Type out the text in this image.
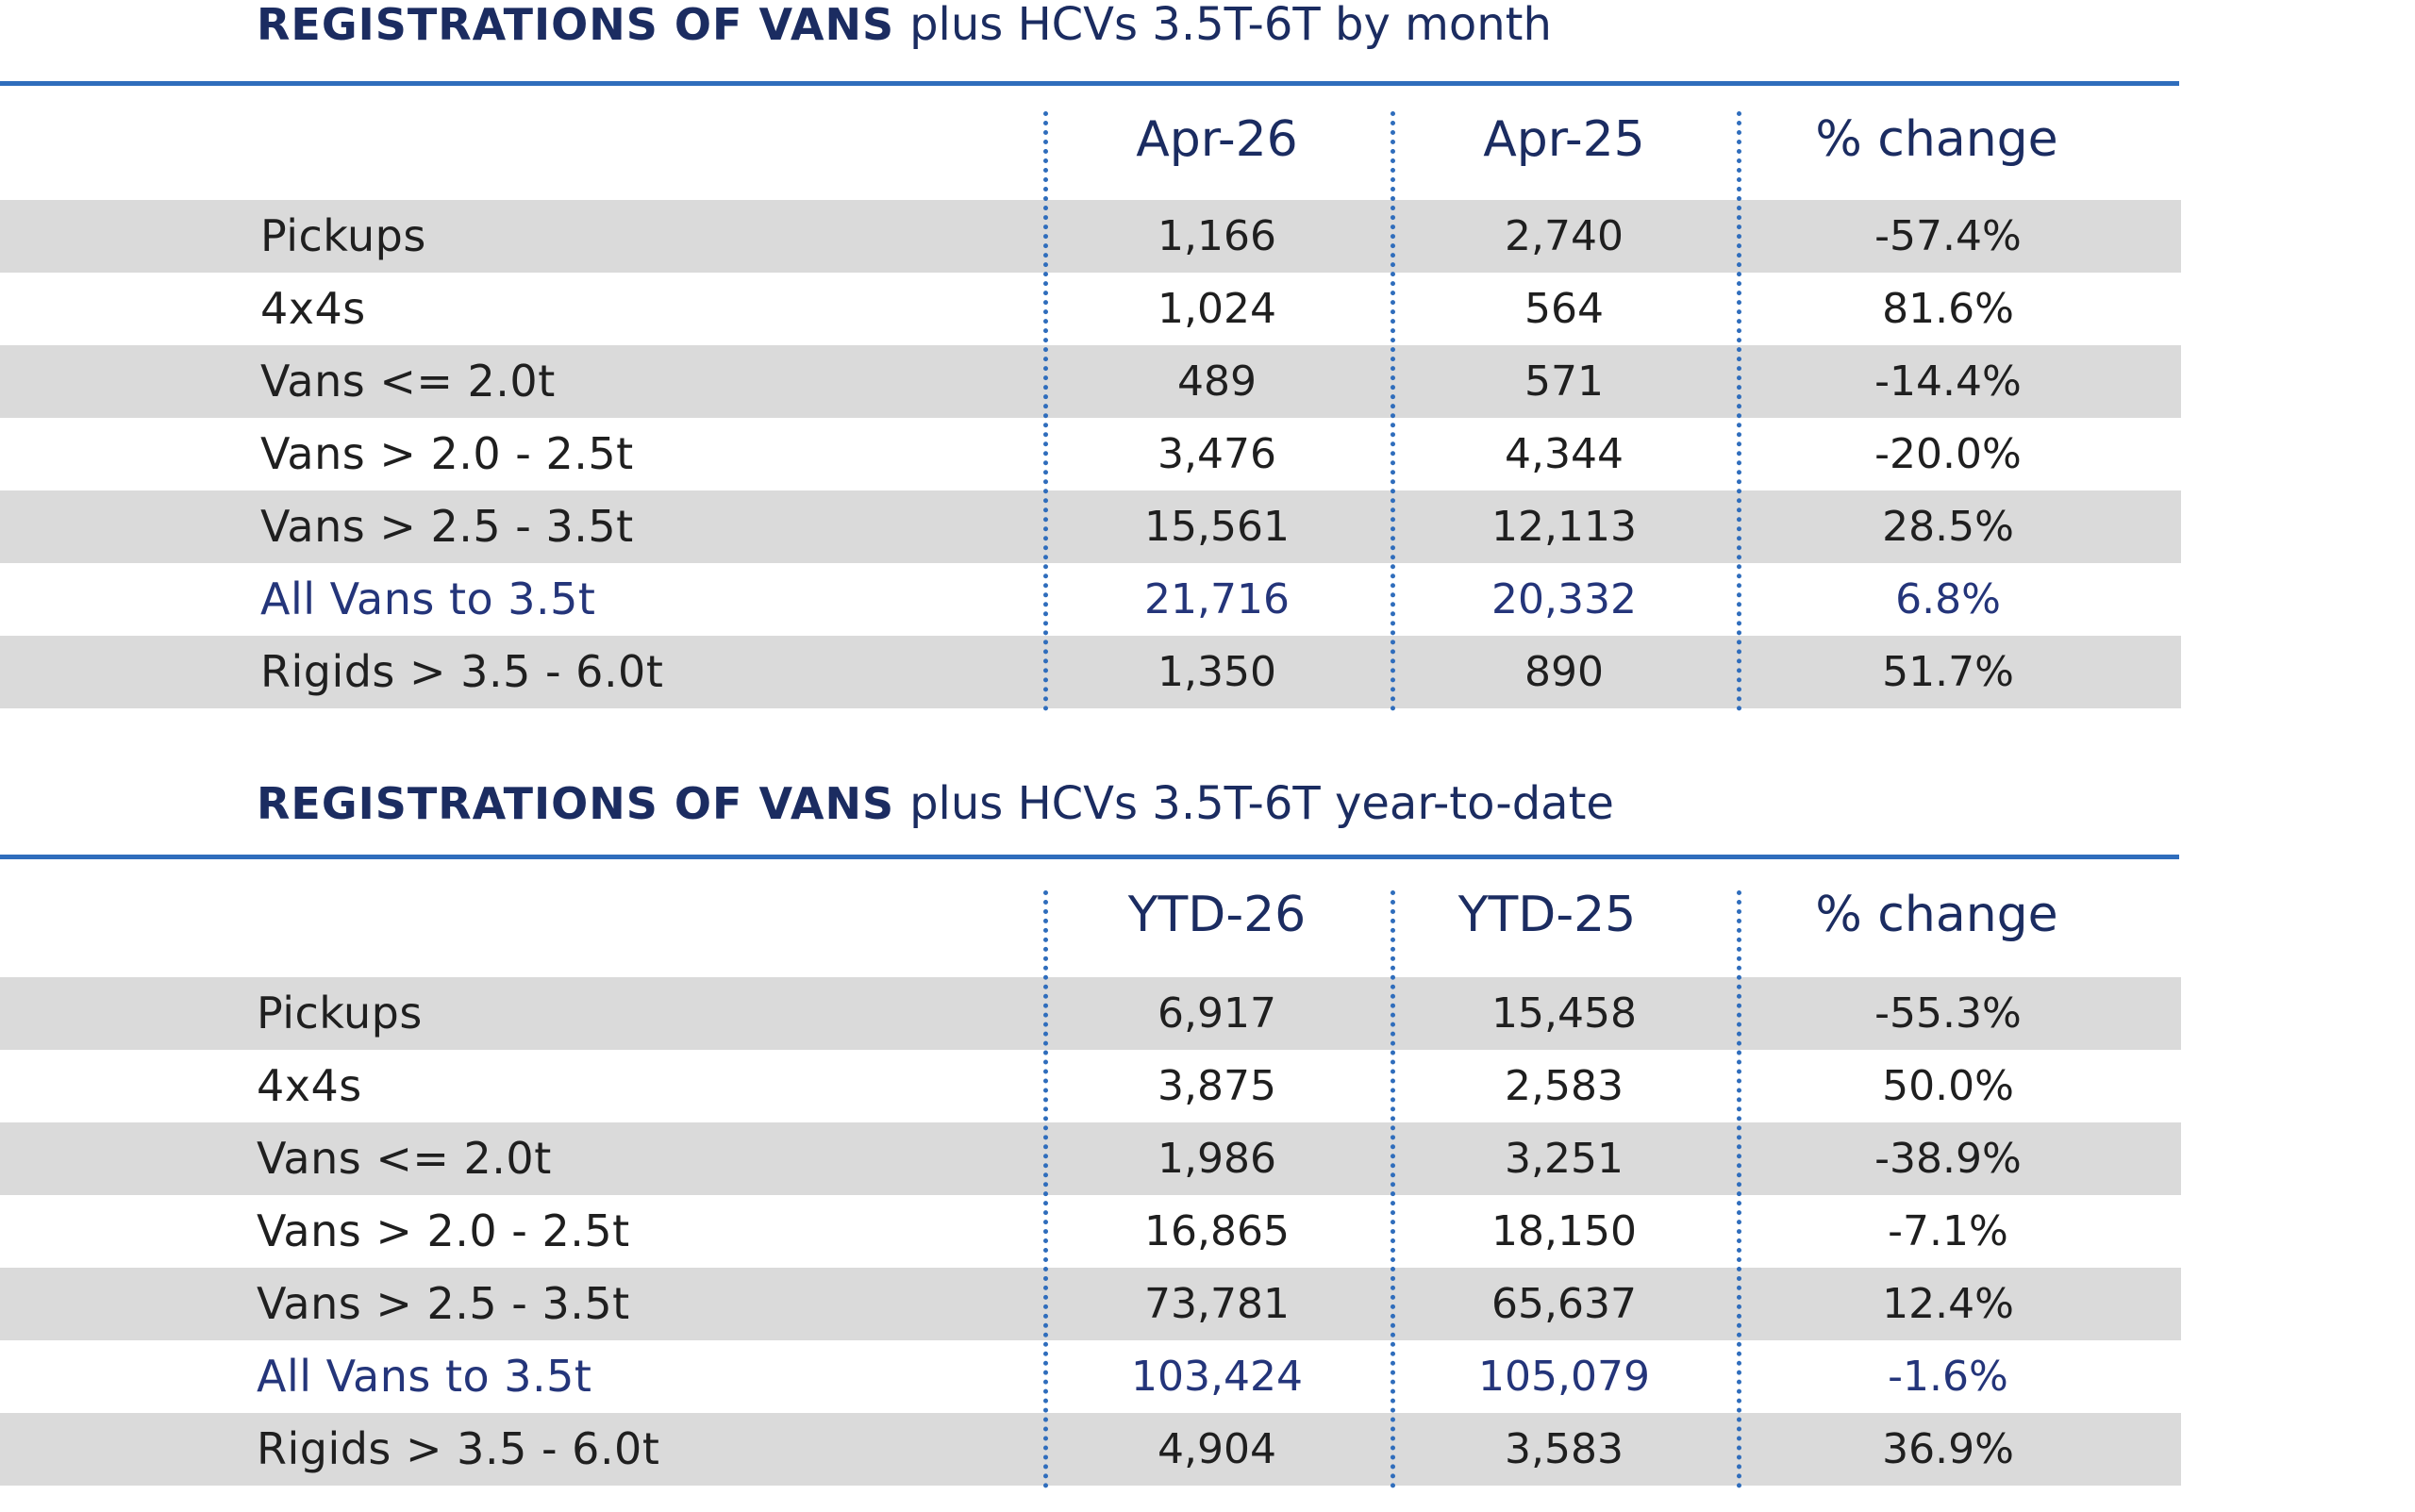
REGISTRATIONS OF VANS plus HCVs 3.5T-6T by month
Apr-26	Apr-25	% change
Pickups	1,166	2,740	-57.4%
4x4s	1,024	564	81.6%
Vans <= 2.0t	489	571	-14.4%
Vans > 2.0 - 2.5t	3,476	4,344	-20.0%
Vans > 2.5 - 3.5t	15,561	12,113	28.5%
All Vans to 3.5t	21,716	20,332	6.8%
Rigids > 3.5 - 6.0t	1,350	890	51.7%
REGISTRATIONS OF VANS plus HCVs 3.5T-6T year-to-date
YTD-26	YTD-25	% change
Pickups	6,917	15,458	-55.3%
4x4s	3,875	2,583	50.0%
Vans <= 2.0t	1,986	3,251	-38.9%
Vans > 2.0 - 2.5t	16,865	18,150	-7.1%
Vans > 2.5 - 3.5t	73,781	65,637	12.4%
All Vans to 3.5t	103,424	105,079	-1.6%
Rigids > 3.5 - 6.0t	4,904	3,583	36.9%
